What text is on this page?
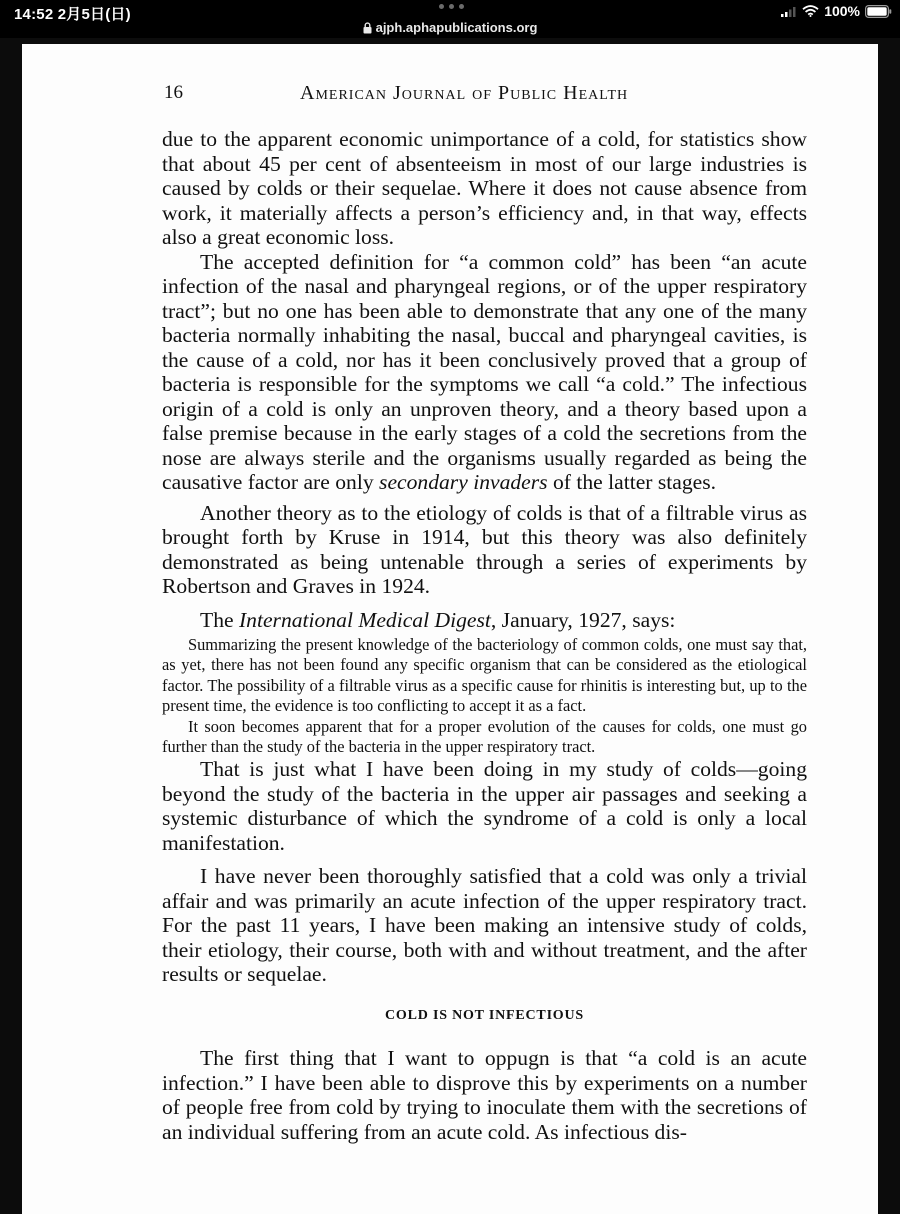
14:52 2月5日(日)
ajph.aphapublications.org
100%
16	American Journal of Public Health

due to the apparent economic unimportance of a cold, for statistics show that about 45 per cent of absenteeism in most of our large industries is caused by colds or their sequelae. Where it does not cause absence from work, it materially affects a person’s efficiency and, in that way, effects also a great economic loss.

The accepted definition for “a common cold” has been “an acute infection of the nasal and pharyngeal regions, or of the upper respiratory tract”; but no one has been able to demonstrate that any one of the many bacteria normally inhabiting the nasal, buccal and pharyngeal cavities, is the cause of a cold, nor has it been conclusively proved that a group of bacteria is responsible for the symptoms we call “a cold.” The infectious origin of a cold is only an unproven theory, and a theory based upon a false premise because in the early stages of a cold the secretions from the nose are always sterile and the organisms usually regarded as being the causative factor are only secondary invaders of the latter stages.

Another theory as to the etiology of colds is that of a filtrable virus as brought forth by Kruse in 1914, but this theory was also definitely demonstrated as being untenable through a series of experiments by Robertson and Graves in 1924.

The International Medical Digest, January, 1927, says:

Summarizing the present knowledge of the bacteriology of common colds, one must say that, as yet, there has not been found any specific organism that can be considered as the etiological factor. The possibility of a filtrable virus as a specific cause for rhinitis is interesting but, up to the present time, the evidence is too conflicting to accept it as a fact.

It soon becomes apparent that for a proper evolution of the causes for colds, one must go further than the study of the bacteria in the upper respiratory tract.

That is just what I have been doing in my study of colds—going beyond the study of the bacteria in the upper air passages and seeking a systemic disturbance of which the syndrome of a cold is only a local manifestation.

I have never been thoroughly satisfied that a cold was only a trivial affair and was primarily an acute infection of the upper respiratory tract. For the past 11 years, I have been making an intensive study of colds, their etiology, their course, both with and without treatment, and the after results or sequelae.

COLD IS NOT INFECTIOUS

The first thing that I want to oppugn is that “a cold is an acute infection.” I have been able to disprove this by experiments on a number of people free from cold by trying to inoculate them with the secretions of an individual suffering from an acute cold. As infectious dis-
